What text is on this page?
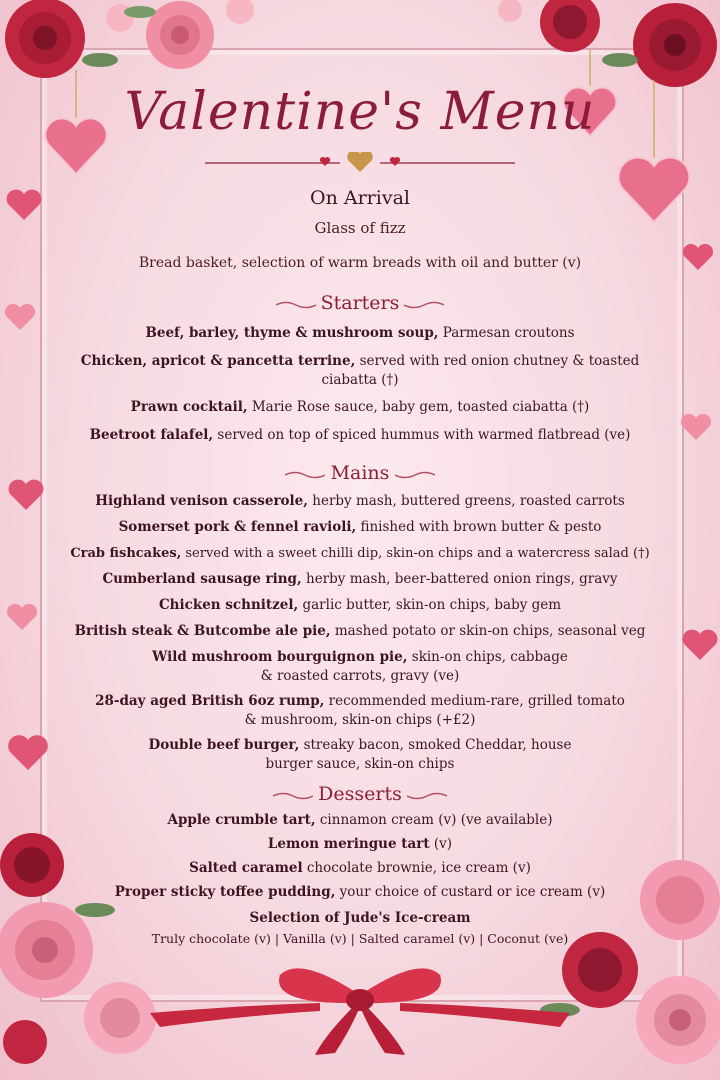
Valentine's Menu
On Arrival
Glass of fizz
Bread basket, selection of warm breads with oil and butter (v)
Starters
Beef, barley, thyme & mushroom soup, Parmesan croutons
Chicken, apricot & pancetta terrine, served with red onion chutney & toasted ciabatta (†)
Prawn cocktail, Marie Rose sauce, baby gem, toasted ciabatta (†)
Beetroot falafel, served on top of spiced hummus with warmed flatbread (ve)
Mains
Highland venison casserole, herby mash, buttered greens, roasted carrots
Somerset pork & fennel ravioli, finished with brown butter & pesto
Crab fishcakes, served with a sweet chilli dip, skin-on chips and a watercress salad (†)
Cumberland sausage ring, herby mash, beer-battered onion rings, gravy
Chicken schnitzel, garlic butter, skin-on chips, baby gem
British steak & Butcombe ale pie, mashed potato or skin-on chips, seasonal veg
Wild mushroom bourguignon pie, skin-on chips, cabbage & roasted carrots, gravy (ve)
28-day aged British 6oz rump, recommended medium-rare, grilled tomato & mushroom, skin-on chips (+£2)
Double beef burger, streaky bacon, smoked Cheddar, house burger sauce, skin-on chips
Desserts
Apple crumble tart, cinnamon cream (v) (ve available)
Lemon meringue tart (v)
Salted caramel chocolate brownie, ice cream (v)
Proper sticky toffee pudding, your choice of custard or ice cream (v)
Selection of Jude's Ice-cream
Truly chocolate (v) | Vanilla (v) | Salted caramel (v) | Coconut (ve)
